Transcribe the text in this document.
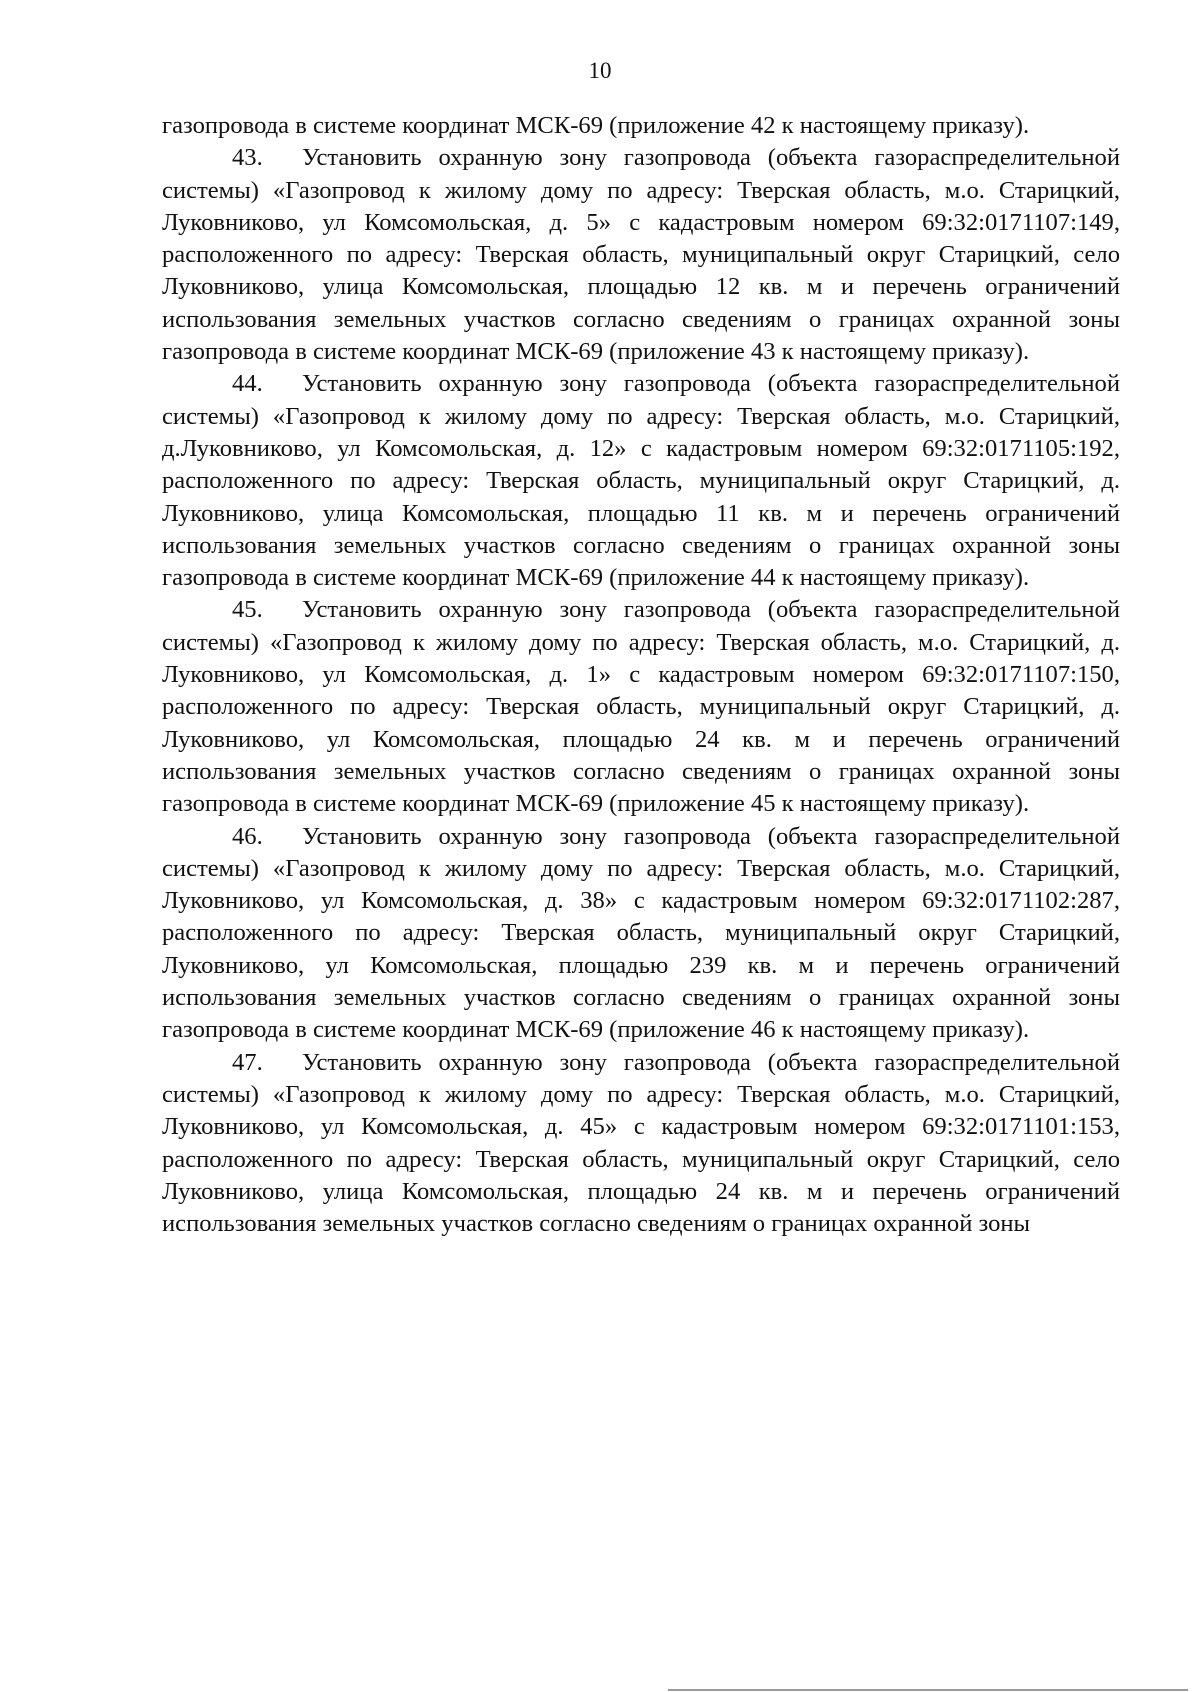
10

газопровода в системе координат МСК-69 (приложение 42 к настоящему приказу).

43. Установить охранную зону газопровода (объекта газораспределительной системы) «Газопровод к жилому дому по адресу: Тверская область, м.о. Старицкий, Луковниково, ул Комсомольская, д. 5» с кадастровым номером 69:32:0171107:149, расположенного по адресу: Тверская область, муниципальный округ Старицкий, село Луковниково, улица Комсомольская, площадью 12 кв. м и перечень ограничений использования земельных участков согласно сведениям о границах охранной зоны газопровода в системе координат МСК-69 (приложение 43 к настоящему приказу).

44. Установить охранную зону газопровода (объекта газораспределительной системы) «Газопровод к жилому дому по адресу: Тверская область, м.о. Старицкий, д.Луковниково, ул Комсомольская, д. 12» с кадастровым номером 69:32:0171105:192, расположенного по адресу: Тверская область, муниципальный округ Старицкий, д. Луковниково, улица Комсомольская, площадью 11 кв. м и перечень ограничений использования земельных участков согласно сведениям о границах охранной зоны газопровода в системе координат МСК-69 (приложение 44 к настоящему приказу).

45. Установить охранную зону газопровода (объекта газораспределительной системы) «Газопровод к жилому дому по адресу: Тверская область, м.о. Старицкий, д. Луковниково, ул Комсомольская, д. 1» с кадастровым номером 69:32:0171107:150, расположенного по адресу: Тверская область, муниципальный округ Старицкий, д. Луковниково, ул Комсомольская, площадью 24 кв. м и перечень ограничений использования земельных участков согласно сведениям о границах охранной зоны газопровода в системе координат МСК-69 (приложение 45 к настоящему приказу).

46. Установить охранную зону газопровода (объекта газораспределительной системы) «Газопровод к жилому дому по адресу: Тверская область, м.о. Старицкий, Луковниково, ул Комсомольская, д. 38» с кадастровым номером 69:32:0171102:287, расположенного по адресу: Тверская область, муниципальный округ Старицкий, Луковниково, ул Комсомольская, площадью 239 кв. м и перечень ограничений использования земельных участков согласно сведениям о границах охранной зоны газопровода в системе координат МСК-69 (приложение 46 к настоящему приказу).

47. Установить охранную зону газопровода (объекта газораспределительной системы) «Газопровод к жилому дому по адресу: Тверская область, м.о. Старицкий, Луковниково, ул Комсомольская, д. 45» с кадастровым номером 69:32:0171101:153, расположенного по адресу: Тверская область, муниципальный округ Старицкий, село Луковниково, улица Комсомольская, площадью 24 кв. м и перечень ограничений использования земельных участков согласно сведениям о границах охранной зоны
